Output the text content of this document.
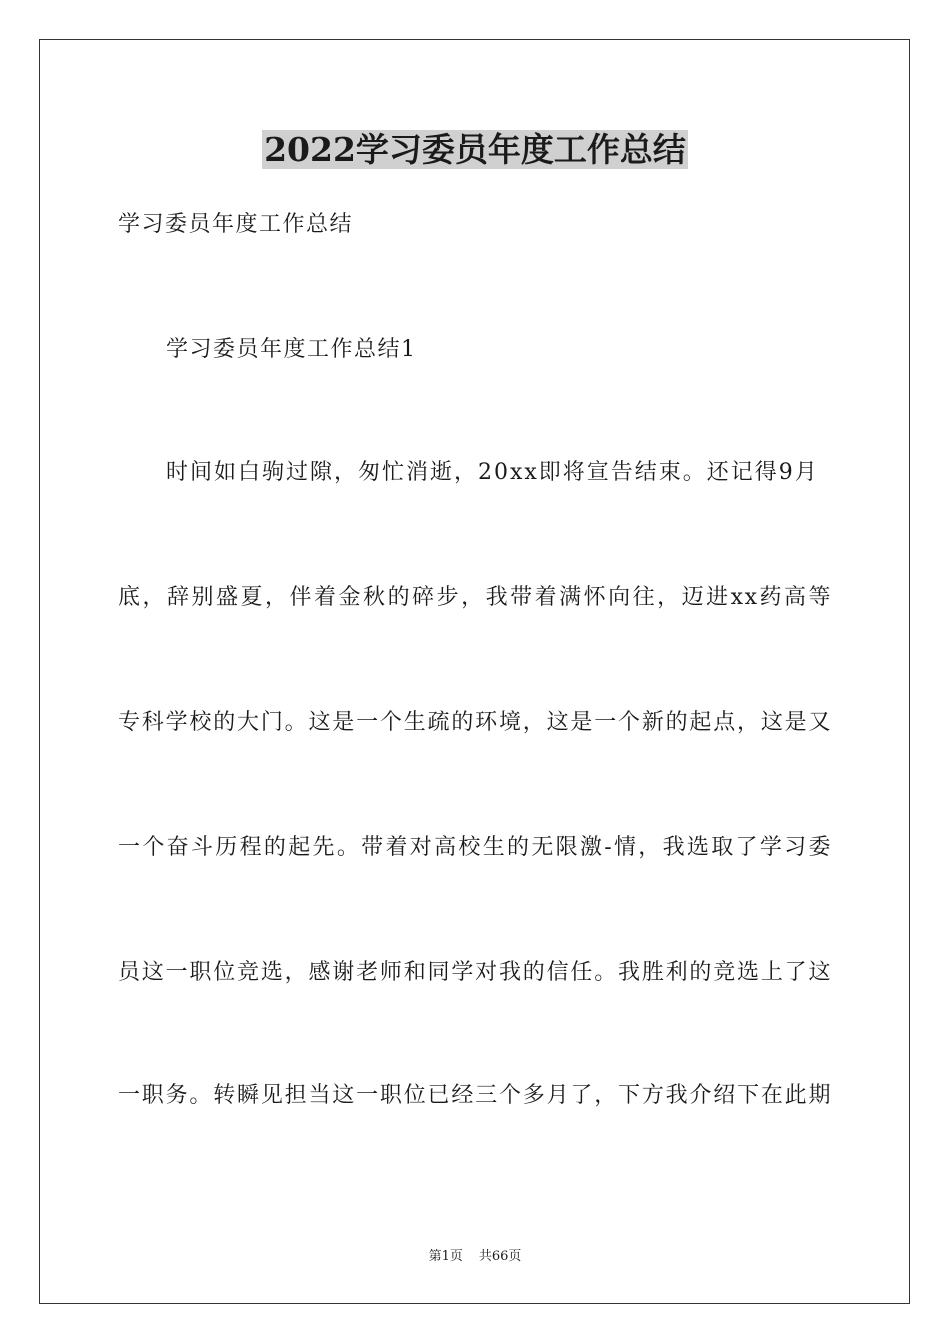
2022学习委员年度工作总结

学习委员年度工作总结

学习委员年度工作总结1

时间如白驹过隙，匆忙消逝，20xx即将宣告结束。还记得9月

底，辞别盛夏，伴着金秋的碎步，我带着满怀向往，迈进xx药高等

专科学校的大门。这是一个生疏的环境，这是一个新的起点，这是又

一个奋斗历程的起先。带着对高校生的无限激-情，我选取了学习委

员这一职位竞选，感谢老师和同学对我的信任。我胜利的竞选上了这

一职务。转瞬见担当这一职位已经三个多月了，下方我介绍下在此期

第1页 共66页
